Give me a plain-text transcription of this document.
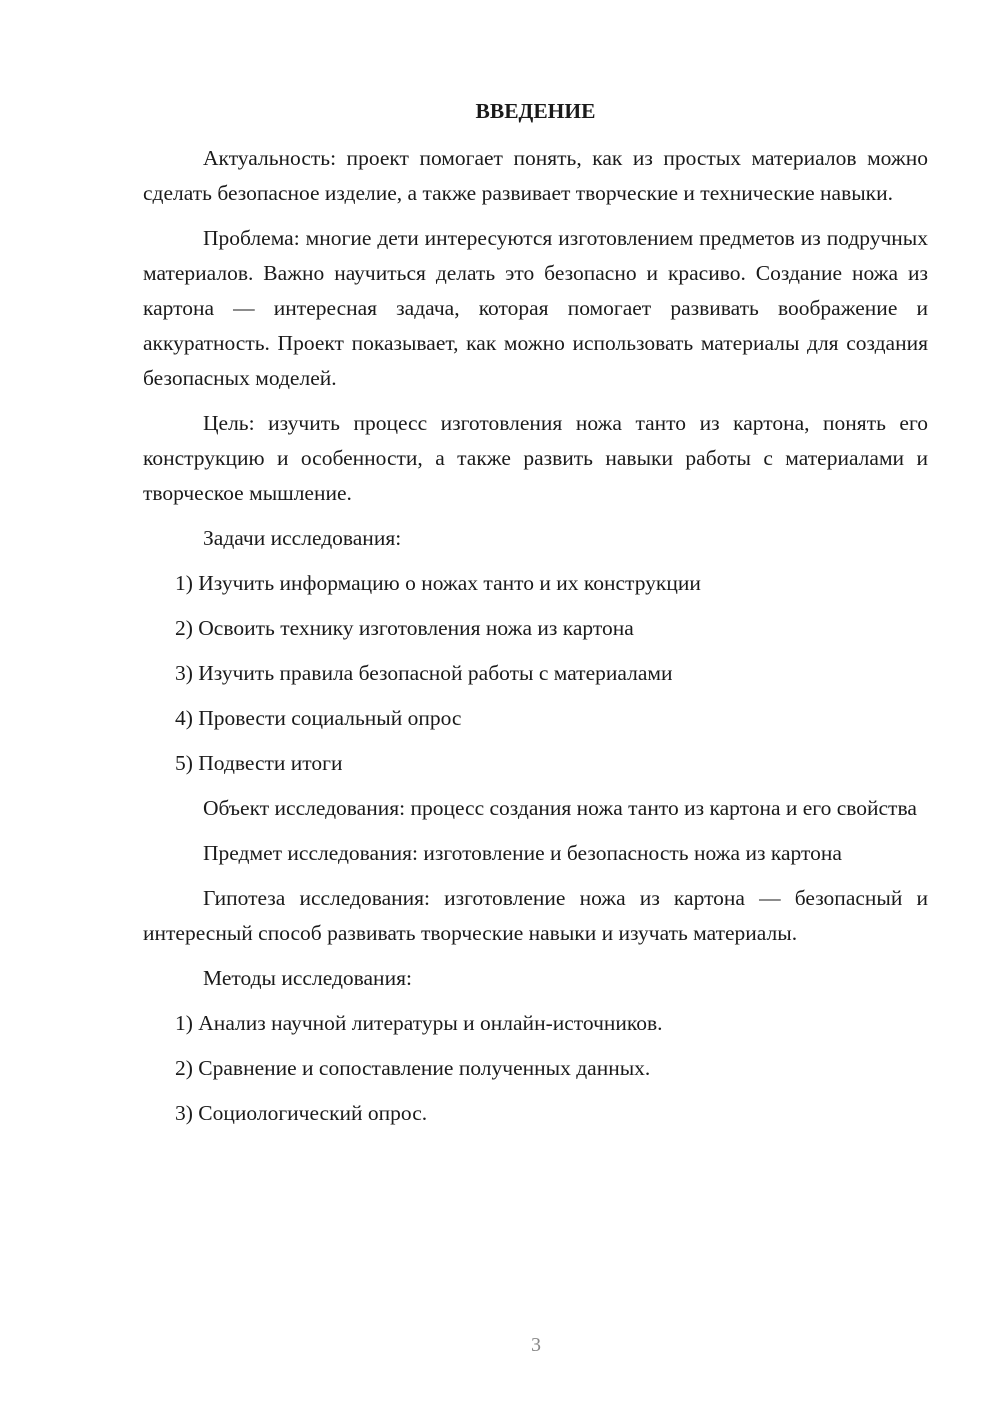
ВВЕДЕНИЕ

Актуальность: проект помогает понять, как из простых материалов можно сделать безопасное изделие, а также развивает творческие и технические навыки.

Проблема: многие дети интересуются изготовлением предметов из подручных материалов. Важно научиться делать это безопасно и красиво. Создание ножа из картона — интересная задача, которая помогает развивать воображение и аккуратность. Проект показывает, как можно использовать материалы для создания безопасных моделей.

Цель: изучить процесс изготовления ножа танто из картона, понять его конструкцию и особенности, а также развить навыки работы с материалами и творческое мышление.

Задачи исследования:

1) Изучить информацию о ножах танто и их конструкции

2) Освоить технику изготовления ножа из картона

3) Изучить правила безопасной работы с материалами

4) Провести социальный опрос

5) Подвести итоги

Объект исследования: процесс создания ножа танто из картона и его свойства

Предмет исследования: изготовление и безопасность ножа из картона

Гипотеза исследования: изготовление ножа из картона — безопасный и интересный способ развивать творческие навыки и изучать материалы.

Методы исследования:

1) Анализ научной литературы и онлайн-источников.

2) Сравнение и сопоставление полученных данных.

3) Социологический опрос.

3
